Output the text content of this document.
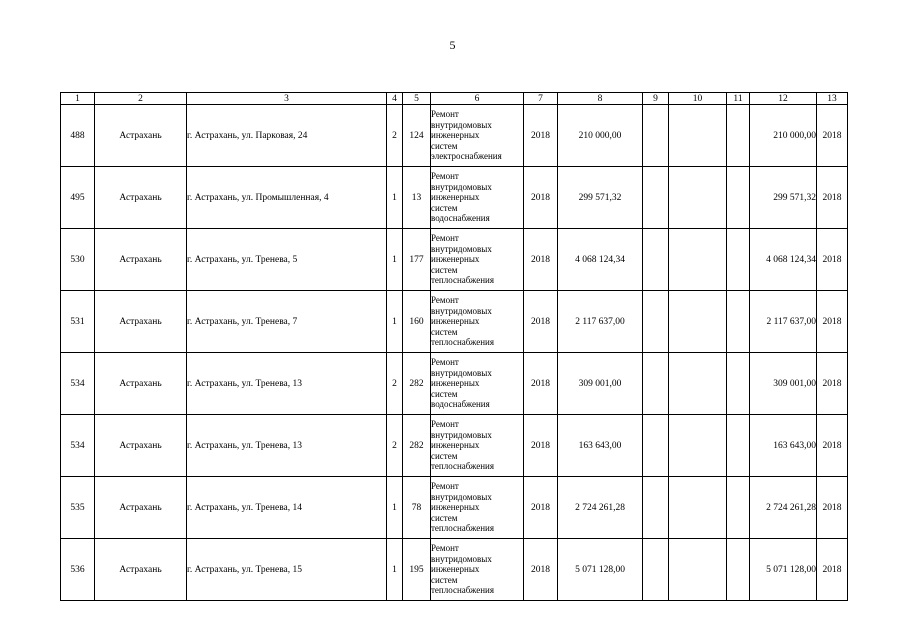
5
1	2	3	4	5	6	7	8	9	10	11	12	13
488	Астрахань	г. Астрахань, ул. Парковая, 24	2	124	Ремонт
внутридомовых
инженерных
систем
электроснабжения	2018	210 000,00				210 000,00	2018
495	Астрахань	г. Астрахань, ул. Промышленная, 4	1	13	Ремонт
внутридомовых
инженерных
систем
водоснабжения	2018	299 571,32				299 571,32	2018
530	Астрахань	г. Астрахань, ул. Тренева, 5	1	177	Ремонт
внутридомовых
инженерных
систем
теплоснабжения	2018	4 068 124,34				4 068 124,34	2018
531	Астрахань	г. Астрахань, ул. Тренева, 7	1	160	Ремонт
внутридомовых
инженерных
систем
теплоснабжения	2018	2 117 637,00				2 117 637,00	2018
534	Астрахань	г. Астрахань, ул. Тренева, 13	2	282	Ремонт
внутридомовых
инженерных
систем
водоснабжения	2018	309 001,00				309 001,00	2018
534	Астрахань	г. Астрахань, ул. Тренева, 13	2	282	Ремонт
внутридомовых
инженерных
систем
теплоснабжения	2018	163 643,00				163 643,00	2018
535	Астрахань	г. Астрахань, ул. Тренева, 14	1	78	Ремонт
внутридомовых
инженерных
систем
теплоснабжения	2018	2 724 261,28				2 724 261,28	2018
536	Астрахань	г. Астрахань, ул. Тренева, 15	1	195	Ремонт
внутридомовых
инженерных
систем
теплоснабжения	2018	5 071 128,00				5 071 128,00	2018
